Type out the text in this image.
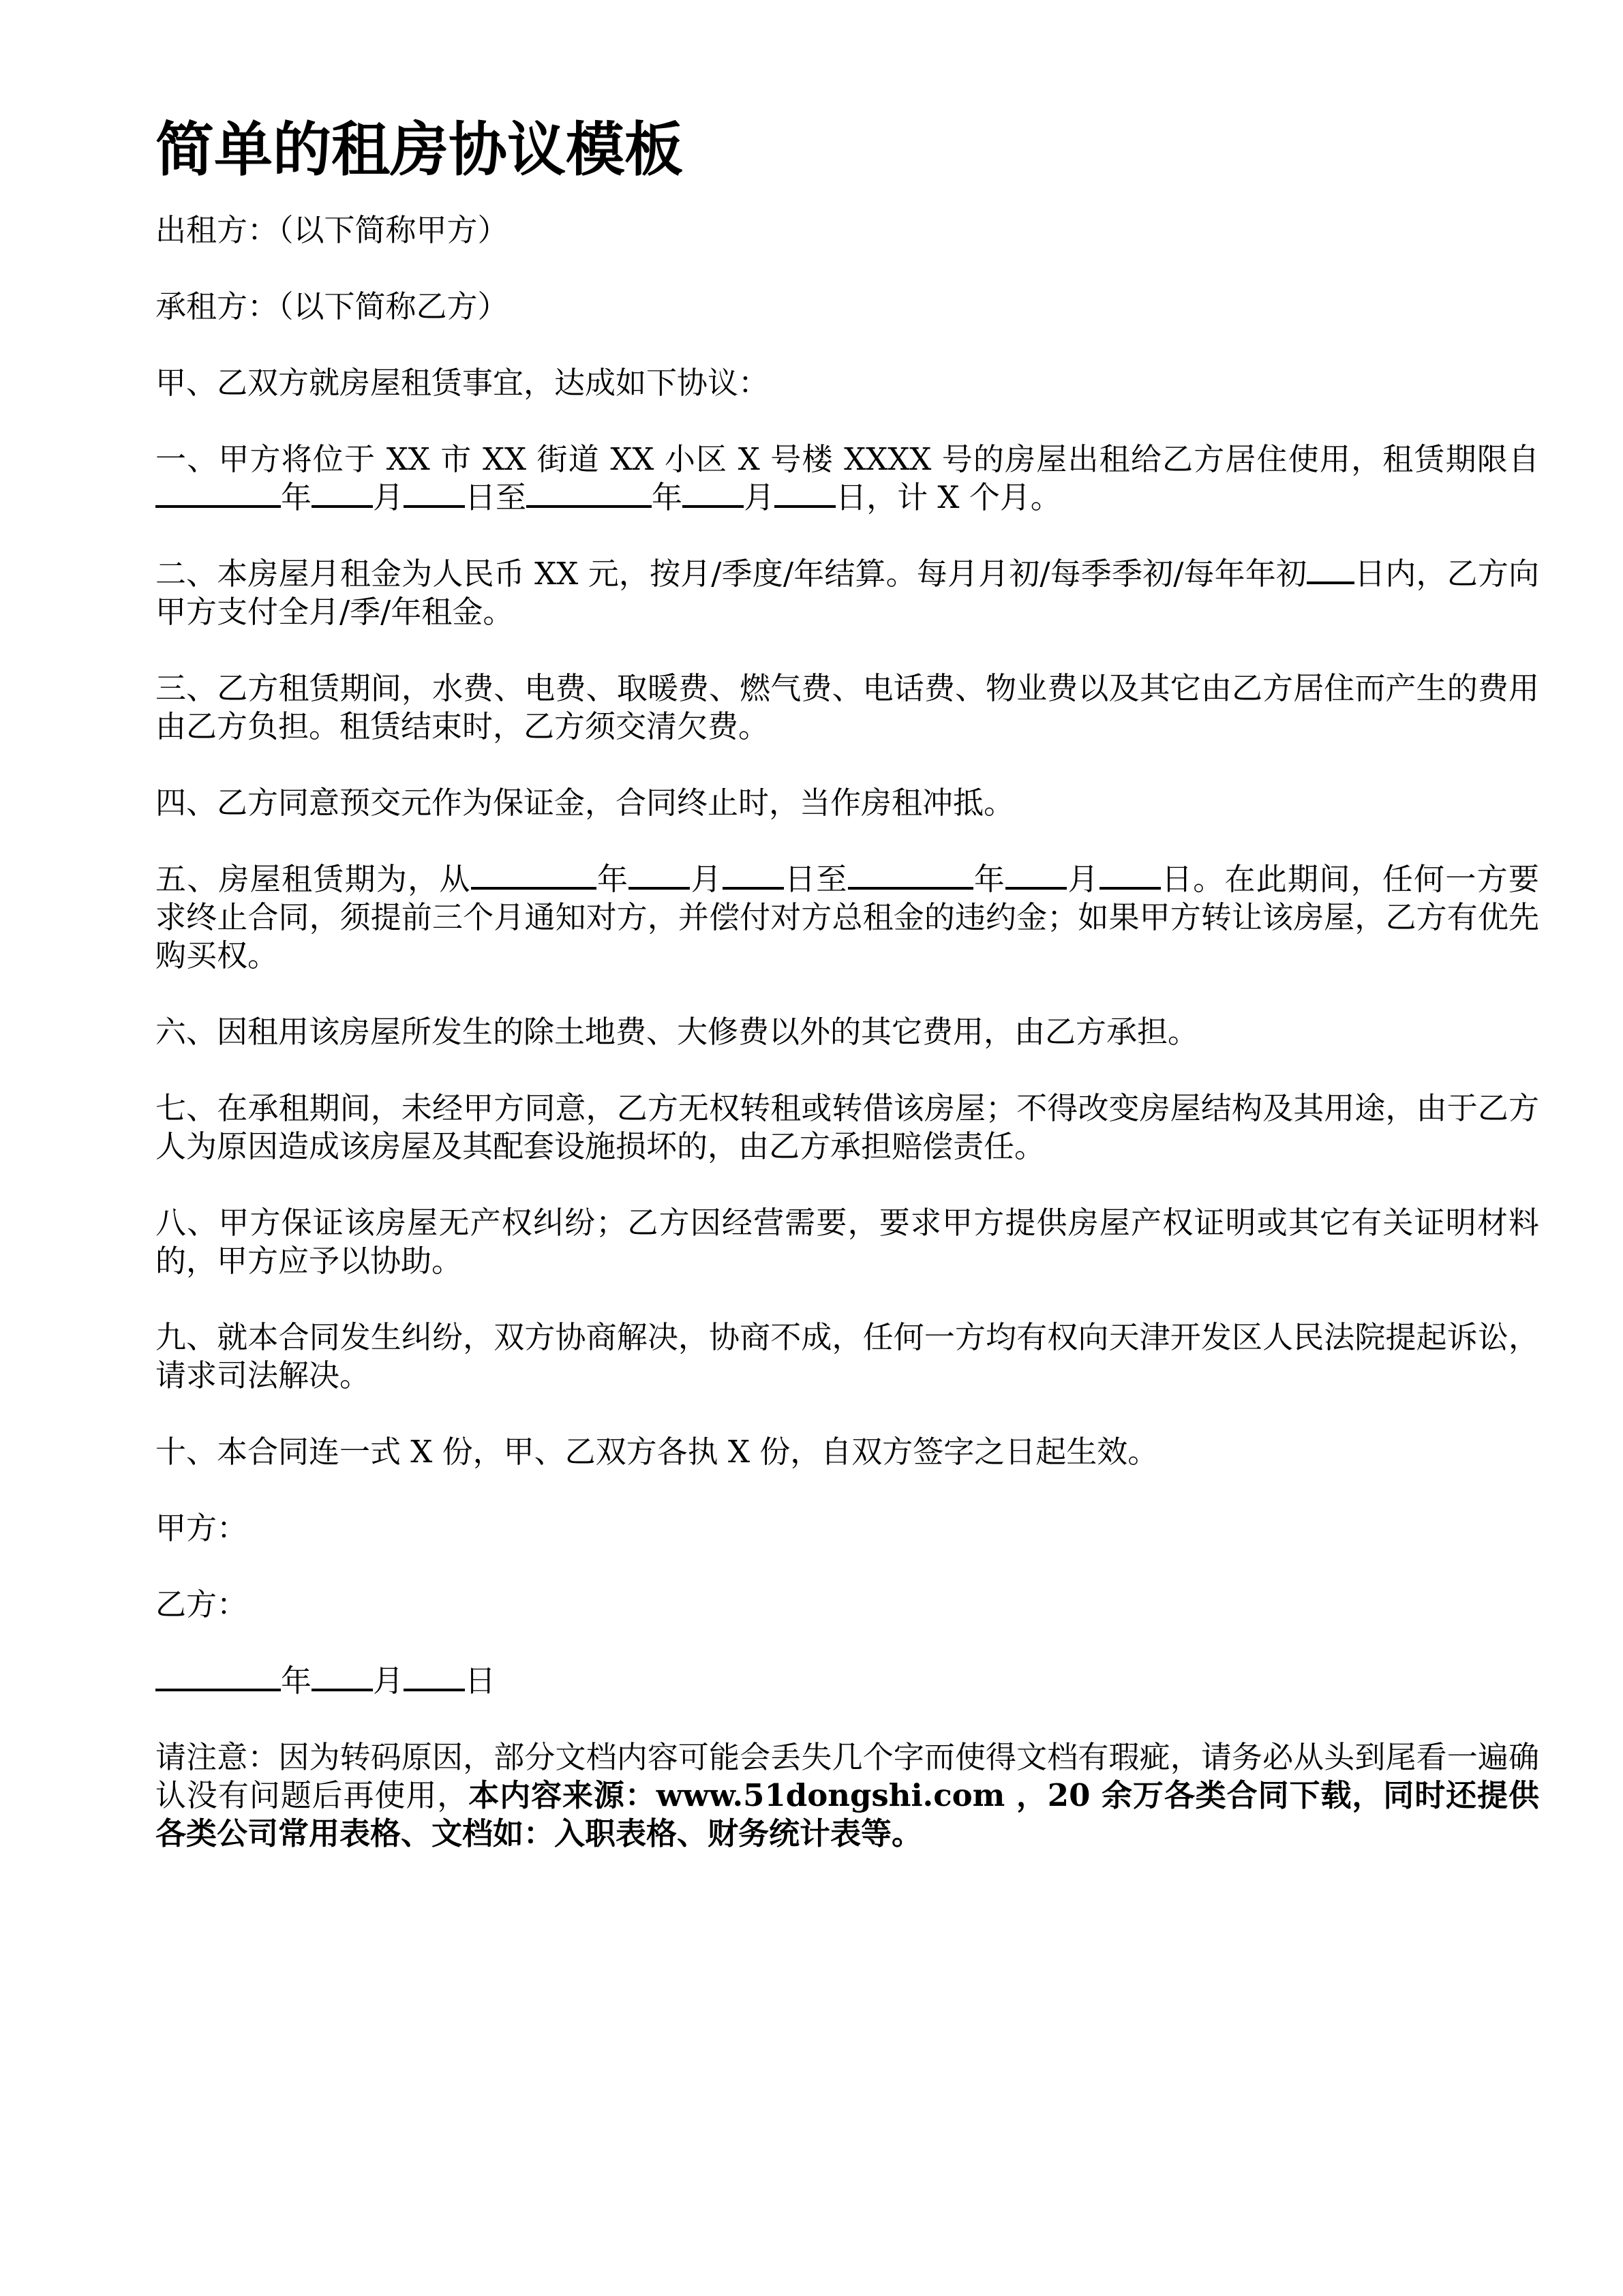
简单的租房协议模板

出租方：（以下简称甲方）

承租方：（以下简称乙方）

甲、乙双方就房屋租赁事宜，达成如下协议：

一、甲方将位于 XX 市 XX 街道 XX 小区 X 号楼 XXXX 号的房屋出租给乙方居住使用，租赁期限自年 月 日至	年 月 日，计 X 个月。

二、本房屋月租金为人民币 XX 元，按月/季度/年结算。每月月初/每季季初/每年年初 日内，乙方向甲方支付全月/季/年租金。

三、乙方租赁期间，水费、电费、取暖费、燃气费、电话费、物业费以及其它由乙方居住而产生的费用由乙方负担。租赁结束时，乙方须交清欠费。

四、乙方同意预交元作为保证金，合同终止时，当作房租冲抵。

五、房屋租赁期为，从	年 月 日至	年 月 日。在此期间，任何一方要求终止合同，须提前三个月通知对方，并偿付对方总租金的违约金；如果甲方转让该房屋，乙方有优先购买权。

六、因租用该房屋所发生的除土地费、大修费以外的其它费用，由乙方承担。

七、在承租期间，未经甲方同意，乙方无权转租或转借该房屋；不得改变房屋结构及其用途，由于乙方人为原因造成该房屋及其配套设施损坏的，由乙方承担赔偿责任。

八、甲方保证该房屋无产权纠纷；乙方因经营需要，要求甲方提供房屋产权证明或其它有关证明材料的，甲方应予以协助。

九、就本合同发生纠纷，双方协商解决，协商不成，任何一方均有权向天津开发区人民法院提起诉讼，请求司法解决。

十、本合同连一式 X 份，甲、乙双方各执 X 份，自双方签字之日起生效。

甲方：

乙方：

年 月 日

请注意：因为转码原因，部分文档内容可能会丢失几个字而使得文档有瑕疵，请务必从头到尾看一遍确认没有问题后再使用，本内容来源：www.51dongshi.com ，20 余万各类合同下载，同时还提供各类公司常用表格、文档如：入职表格、财务统计表等。
